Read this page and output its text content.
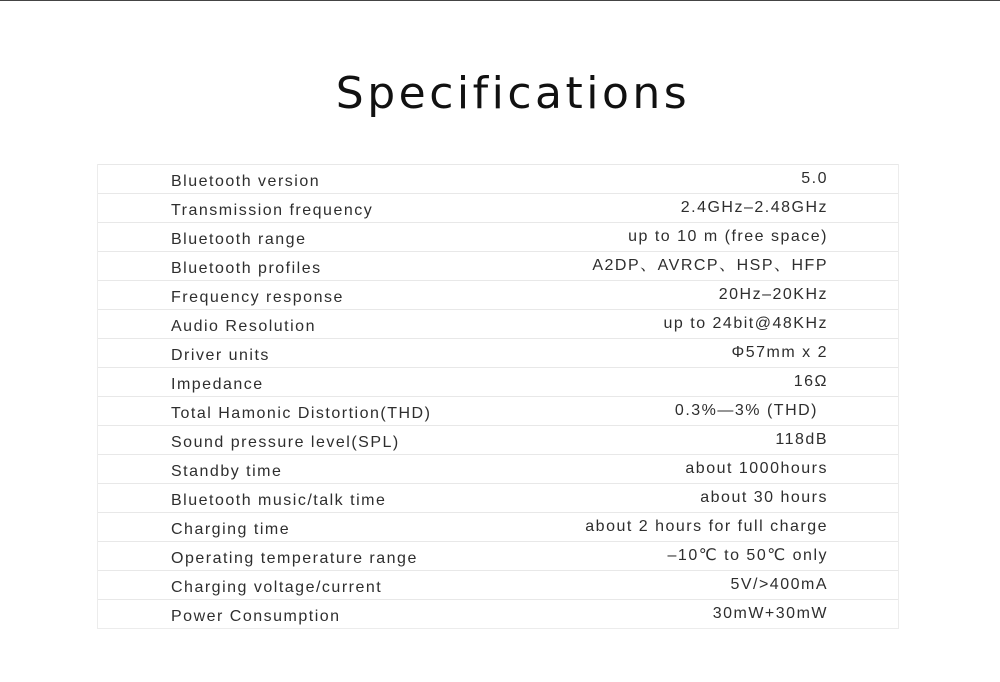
Specifications
Bluetooth version	5.0
Transmission frequency	2.4GHz–2.48GHz
Bluetooth range	up to 10 m (free space)
Bluetooth profiles	A2DP、AVRCP、HSP、HFP
Frequency response	20Hz–20KHz
Audio Resolution	up to 24bit@48KHz
Driver units	Φ57mm x 2
Impedance	16Ω
Total Hamonic Distortion(THD)	0.3%—3% (THD)
Sound pressure level(SPL)	118dB
Standby time	about 1000hours
Bluetooth music/talk time	about 30 hours
Charging time	about 2 hours for full charge
Operating temperature range	–10℃ to 50℃ only
Charging voltage/current	5V/>400mA
Power Consumption	30mW+30mW
